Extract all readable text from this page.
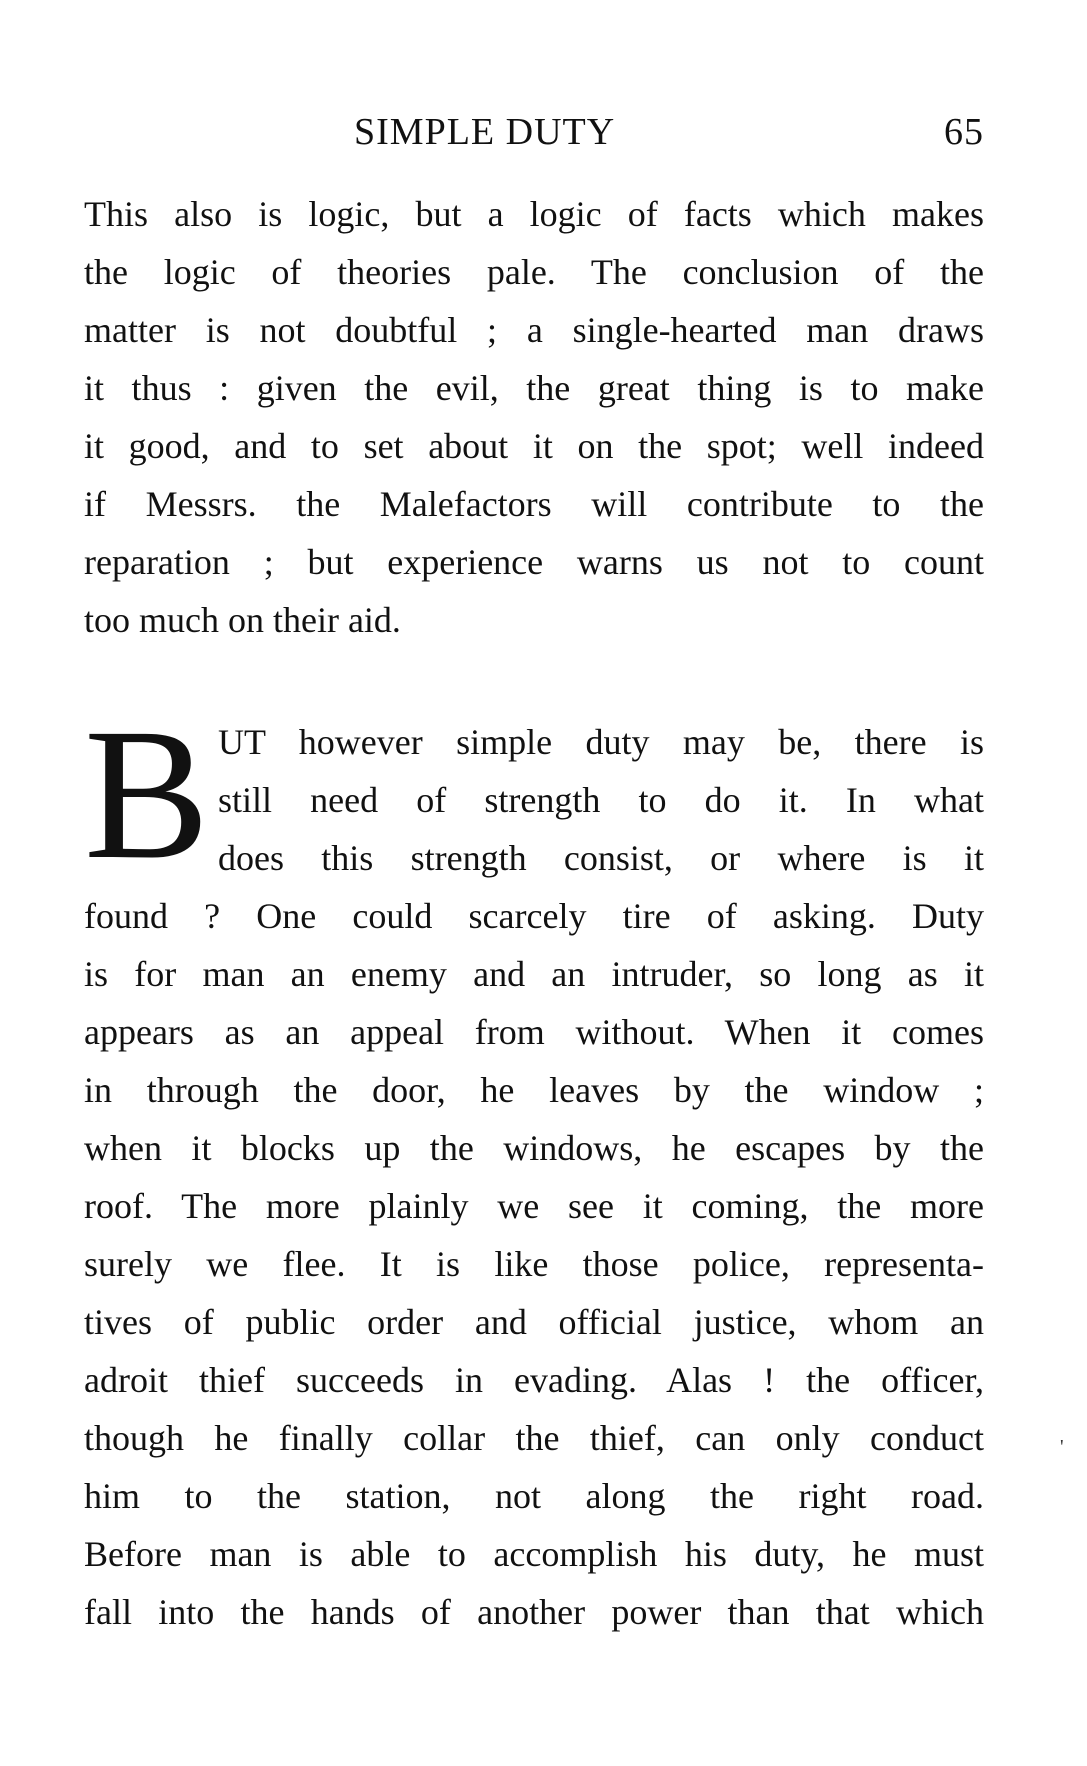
SIMPLE DUTY	65
This also is logic, but a logic of facts which makes
the logic of theories pale. The conclusion of the
matter is not doubtful ; a single-hearted man draws
it thus : given the evil, the great thing is to make
it good, and to set about it on the spot; well indeed
if Messrs. the Malefactors will contribute to the
reparation ; but experience warns us not to count
too much on their aid.
B UT however simple duty may be, there is
still need of strength to do it. In what
does this strength consist, or where is it
found ? One could scarcely tire of asking. Duty
is for man an enemy and an intruder, so long as it
appears as an appeal from without. When it comes
in through the door, he leaves by the window ;
when it blocks up the windows, he escapes by the
roof. The more plainly we see it coming, the more
surely we flee. It is like those police, representa-
tives of public order and official justice, whom an
adroit thief succeeds in evading. Alas ! the officer,
though he finally collar the thief, can only conduct
him to the station, not along the right road.
Before man is able to accomplish his duty, he must
fall into the hands of another power than that which
'
